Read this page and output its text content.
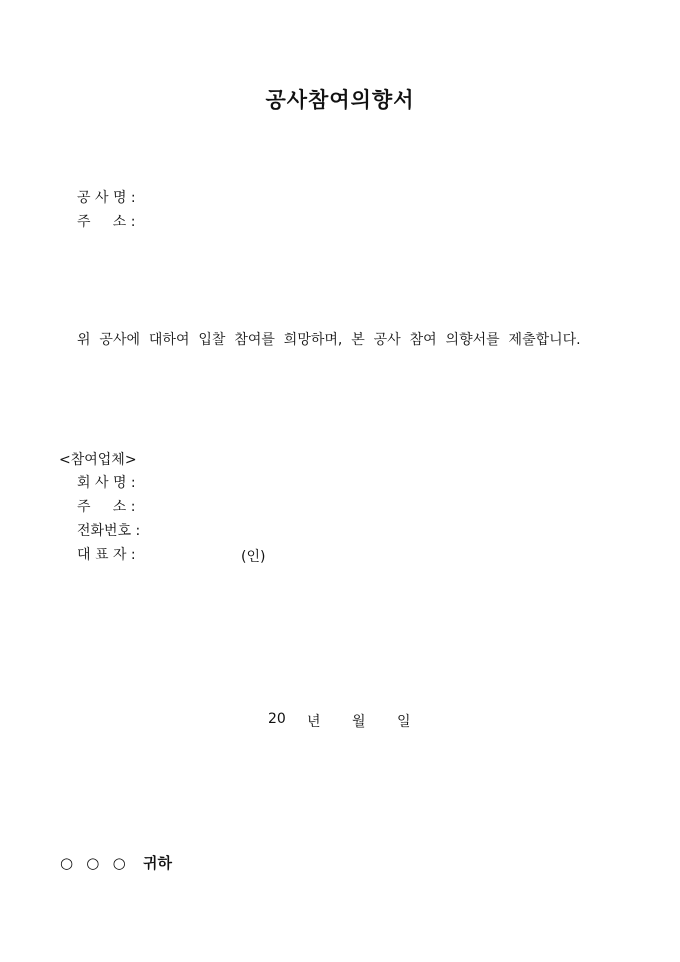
공사참여의향서
공 사 명 :
주     소 :
위  공사에  대하여  입찰  참여를  희망하며,  본  공사  참여  의향서를  제출합니다.
<참여업체>
회 사 명 :
주     소 :
전화번호 :
대 표 자 :	(인)
20 년 월 일
○ ○ ○ 귀하
